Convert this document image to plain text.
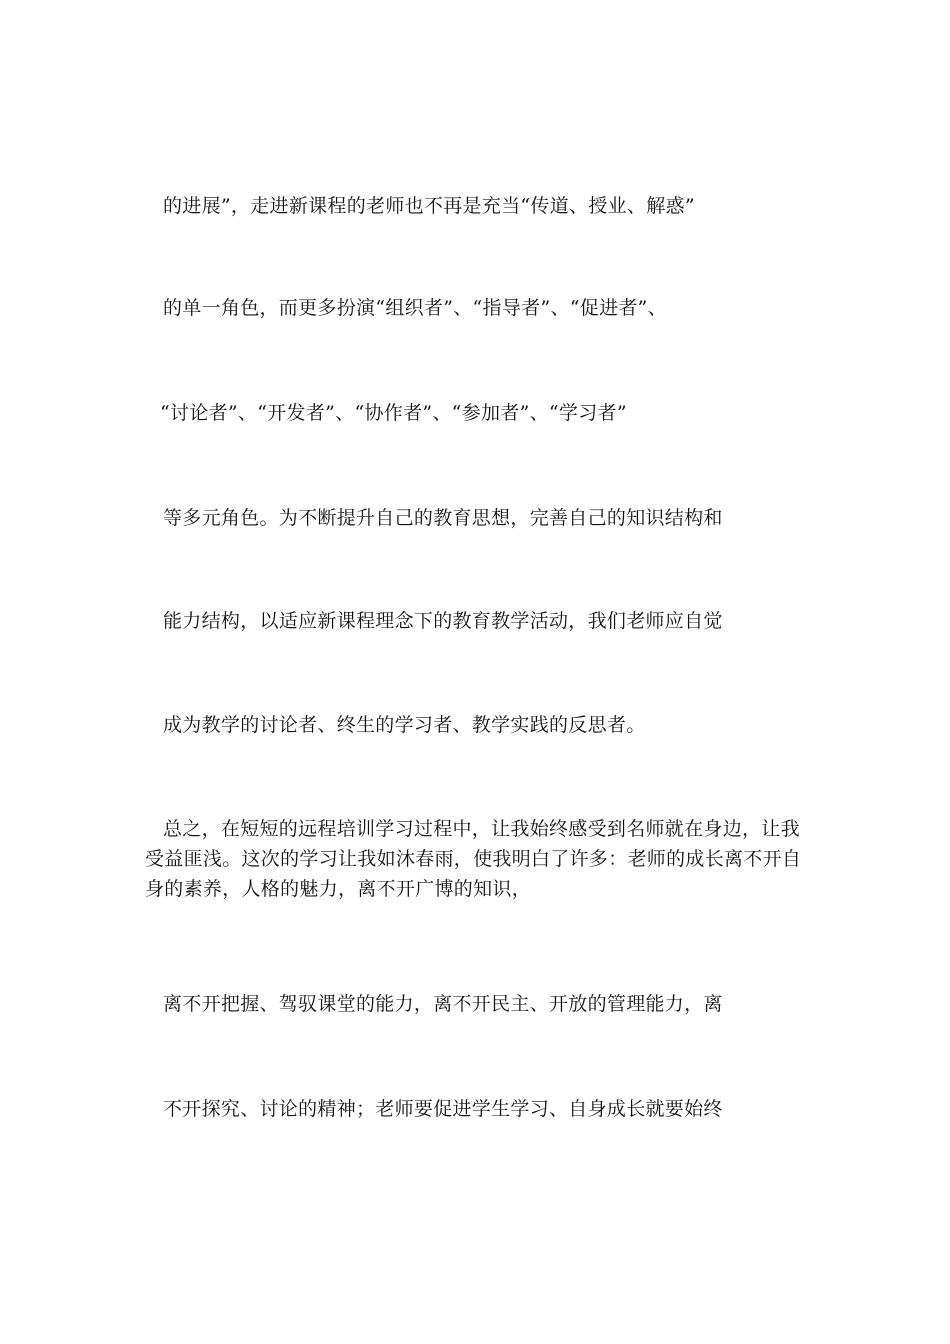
的进展”，走进新课程的老师也不再是充当“传道、授业、解惑”
的单一角色，而更多扮演“组织者”、“指导者”、“促进者”、
“讨论者”、“开发者”、“协作者”、“参加者”、“学习者”
等多元角色。为不断提升自己的教育思想，完善自己的知识结构和
能力结构，以适应新课程理念下的教育教学活动，我们老师应自觉
成为教学的讨论者、终生的学习者、教学实践的反思者。
总之，在短短的远程培训学习过程中，让我始终感受到名师就在身边，让我
受益匪浅。这次的学习让我如沐春雨，使我明白了许多：老师的成长离不开自
身的素养，人格的魅力，离不开广博的知识，
离不开把握、驾驭课堂的能力，离不开民主、开放的管理能力，离
不开探究、讨论的精神；老师要促进学生学习、自身成长就要始终
